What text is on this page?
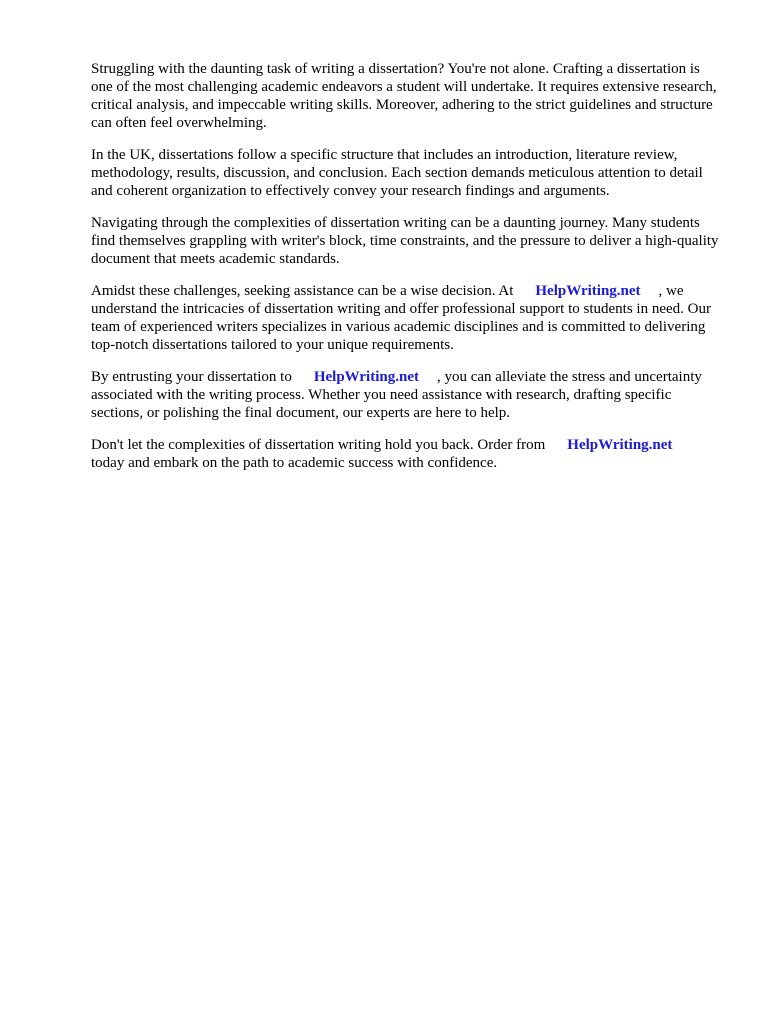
Struggling with the daunting task of writing a dissertation? You're not alone. Crafting a dissertation is one of the most challenging academic endeavors a student will undertake. It requires extensive research, critical analysis, and impeccable writing skills. Moreover, adhering to the strict guidelines and structure can often feel overwhelming.

In the UK, dissertations follow a specific structure that includes an introduction, literature review, methodology, results, discussion, and conclusion. Each section demands meticulous attention to detail and coherent organization to effectively convey your research findings and arguments.

Navigating through the complexities of dissertation writing can be a daunting journey. Many students find themselves grappling with writer's block, time constraints, and the pressure to deliver a high-quality document that meets academic standards.

Amidst these challenges, seeking assistance can be a wise decision. At HelpWriting.net , we understand the intricacies of dissertation writing and offer professional support to students in need. Our team of experienced writers specializes in various academic disciplines and is committed to delivering top-notch dissertations tailored to your unique requirements.

By entrusting your dissertation to HelpWriting.net , you can alleviate the stress and uncertainty associated with the writing process. Whether you need assistance with research, drafting specific sections, or polishing the final document, our experts are here to help.

Don't let the complexities of dissertation writing hold you back. Order from HelpWriting.net
today and embark on the path to academic success with confidence.
